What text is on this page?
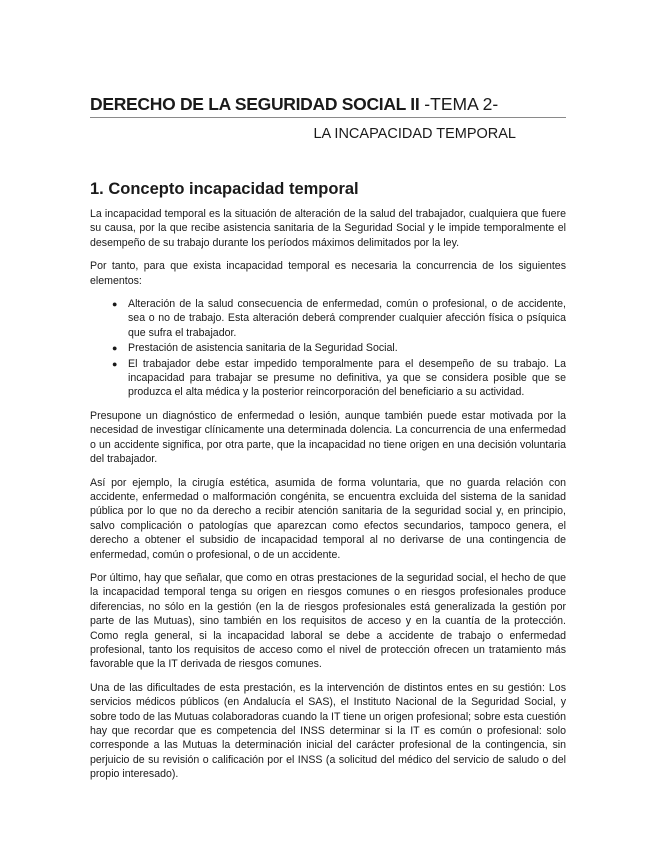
DERECHO DE LA SEGURIDAD SOCIAL II -TEMA 2-
LA INCAPACIDAD TEMPORAL
1. Concepto incapacidad temporal

La incapacidad temporal es la situación de alteración de la salud del trabajador, cualquiera que fuere su causa, por la que recibe asistencia sanitaria de la Seguridad Social y le impide temporalmente el desempeño de su trabajo durante los períodos máximos delimitados por la ley.

Por tanto, para que exista incapacidad temporal es necesaria la concurrencia de los siguientes elementos:

● Alteración de la salud consecuencia de enfermedad, común o profesional, o de accidente, sea o no de trabajo. Esta alteración deberá comprender cualquier afección física o psíquica que sufra el trabajador.
● Prestación de asistencia sanitaria de la Seguridad Social.
● El trabajador debe estar impedido temporalmente para el desempeño de su trabajo. La incapacidad para trabajar se presume no definitiva, ya que se considera posible que se produzca el alta médica y la posterior reincorporación del beneficiario a su actividad.

Presupone un diagnóstico de enfermedad o lesión, aunque también puede estar motivada por la necesidad de investigar clínicamente una determinada dolencia. La concurrencia de una enfermedad o un accidente significa, por otra parte, que la incapacidad no tiene origen en una decisión voluntaria del trabajador.

Así por ejemplo, la cirugía estética, asumida de forma voluntaria, que no guarda relación con accidente, enfermedad o malformación congénita, se encuentra excluida del sistema de la sanidad pública por lo que no da derecho a recibir atención sanitaria de la seguridad social y, en principio, salvo complicación o patologías que aparezcan como efectos secundarios, tampoco genera, el derecho a obtener el subsidio de incapacidad temporal al no derivarse de una contingencia de enfermedad, común o profesional, o de un accidente.

Por último, hay que señalar, que como en otras prestaciones de la seguridad social, el hecho de que la incapacidad temporal tenga su origen en riesgos comunes o en riesgos profesionales produce diferencias, no sólo en la gestión (en la de riesgos profesionales está generalizada la gestión por parte de las Mutuas), sino también en los requisitos de acceso y en la cuantía de la protección. Como regla general, si la incapacidad laboral se debe a accidente de trabajo o enfermedad profesional, tanto los requisitos de acceso como el nivel de protección ofrecen un tratamiento más favorable que la IT derivada de riesgos comunes.

Una de las dificultades de esta prestación, es la intervención de distintos entes en su gestión: Los servicios médicos públicos (en Andalucía el SAS), el Instituto Nacional de la Seguridad Social, y sobre todo de las Mutuas colaboradoras cuando la IT tiene un origen profesional; sobre esta cuestión hay que recordar que es competencia del INSS determinar si la IT es común o profesional: solo corresponde a las Mutuas la determinación inicial del carácter profesional de la contingencia, sin perjuicio de su revisión o calificación por el INSS (a solicitud del médico del servicio de saludo o del propio interesado).
